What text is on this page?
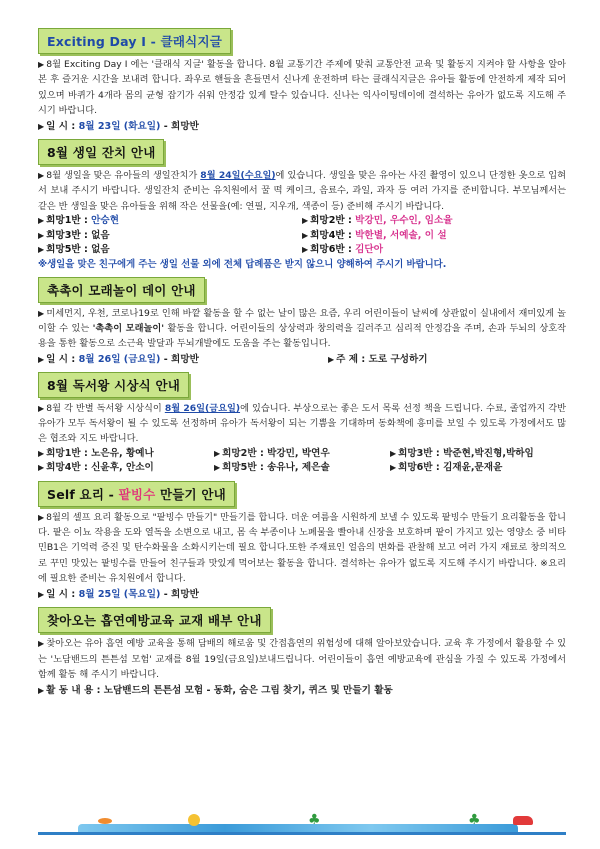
Exciting Day Ⅰ - 클래식지글

▶ 8월 Exciting Day Ⅰ 에는 '클래식 지글' 활동을 합니다. 8월 교통기간 주제에 맞춰 교통안전 교육 및 활동지 지켜야 할 사항을 알아본 후 즐거운 시간을 보내려 합니다. 좌우로 핸들을 흔들면서 신나게 운전하며 타는 클래식지글은 유아들 활동에 안전하게 제작 되어 있으며 바퀴가 4개라 몸의 균형 잡기가 쉬워 안정감 있게 탈수 있습니다. 신나는 익사이팅데이에 결석하는 유아가 없도록 지도해 주시기 바랍니다.

▶ 일 시 : 8월 23일 (화요일) - 희망반
8월 생일 잔치 안내

▶ 8월 생일을 맞은 유아들의 생일잔치가 8월 24일(수요일)에 있습니다. 생일을 맞은 유아는 사진 촬영이 있으니 단정한 옷으로 입혀서 보내 주시기 바랍니다. 생일잔치 준비는 유치원에서 꿀 떡 케이크, 음료수, 과일, 과자 등 여러 가지를 준비합니다. 부모님께서는 같은 반 생일을 맞은 유아들을 위해 작은 선물을(예: 연필, 지우개, 색종이 등) 준비해 주시기 바랍니다.

▶ 희망1반 : 안승현	▶ 희망2반 : 박강민, 우수인, 임소율
▶ 희망3반 : 없음	▶ 희망4반 : 박한별, 서예솔, 이 설
▶ 희망5반 : 없음	▶ 희망6반 : 김단아
※생일을 맞은 친구에게 주는 생일 선물 외에 전체 답례품은 받지 않으니 양해하여 주시기 바랍니다.
촉촉이 모래놀이 데이 안내

▶ 미세먼지, 우천, 코로나19로 인해 바깥 활동을 할 수 없는 날이 많은 요즘, 우리 어린이들이 날씨에 상관없이 실내에서 재미있게 놀이할 수 있는 '촉촉이 모래놀이' 활동을 합니다. 어린이들의 상상력과 창의력을 길러주고 심리적 안정감을 주며, 손과 두뇌의 상호작용을 통한 활동으로 소근육 발달과 두뇌개발에도 도움을 주는 활동입니다.

▶ 일 시 : 8월 26일 (금요일) - 희망반	▶ 주 제 : 도로 구성하기
8월 독서왕 시상식 안내

▶ 8월 각 반별 독서왕 시상식이 8월 26일(금요일)에 있습니다. 부상으로는 좋은 도서 목록 선정 책을 드립니다. 수료, 졸업까지 각반 유아가 모두 독서왕이 될 수 있도록 선정하며 유아가 독서왕이 되는 기쁨을 기대하며 동화책에 흥미를 보일 수 있도록 가정에서도 많은 협조와 지도 바랍니다.

▶ 희망1반 : 노은유, 황예나	▶ 희망2반 : 박강민, 박연우	▶ 희망3반 : 박준현,박진형,박하임
▶ 희망4반 : 신윤후, 안소이	▶ 희망5반 : 송유나, 제은솔	▶ 희망6반 : 김재윤,문재윤
Self 요리 - 팥빙수 만들기 안내

▶ 8월의 셀프 요리 활동으로 "팥빙수 만들기" 만들기를 합니다. 더운 여름을 시원하게 보낼 수 있도록 팥빙수 만들기 요리활동을 합니다. 팥은 이뇨 작용을 도와 열독을 소변으로 내고, 몸 속 부종이나 노폐물을 빨아내 신장을 보호하며 팥이 가지고 있는 영양소 중 비타민B1은 기억력 증진 및 탄수화물을 소화시키는데 필요 합니다.또한 주재료인 얼음의 변화를 관찰해 보고 여러 가지 재료로 창의적으로 꾸민 맛있는 팥빙수를 만들어 친구들과 맛있게 먹어보는 활동을 합니다. 결석하는 유아가 없도록 지도해 주시기 바랍니다. ※요리에 필요한 준비는 유치원에서 합니다.

▶ 일 시 : 8월 25일 (목요일) - 희망반
찾아오는 흡연예방교육 교재 배부 안내

▶ 찾아오는 유아 흡연 예방 교육을 통해 담배의 해로움 및 간접흡연의 위험성에 대해 알아보았습니다. 교육 후 가정에서 활용할 수 있는 '노담밴드의 튼튼섬 모험' 교재를 8월 19일(금요일)보내드립니다. 어린이들이 흡연 예방교육에 관심을 가질 수 있도록 가정에서 함께 활동 해 주시기 바랍니다.

▶ 활 동 내 용 : 노담밴드의 튼튼섬 모험 - 동화, 숨은 그림 찾기, 퀴즈 및 만들기 활동
♣	♣
